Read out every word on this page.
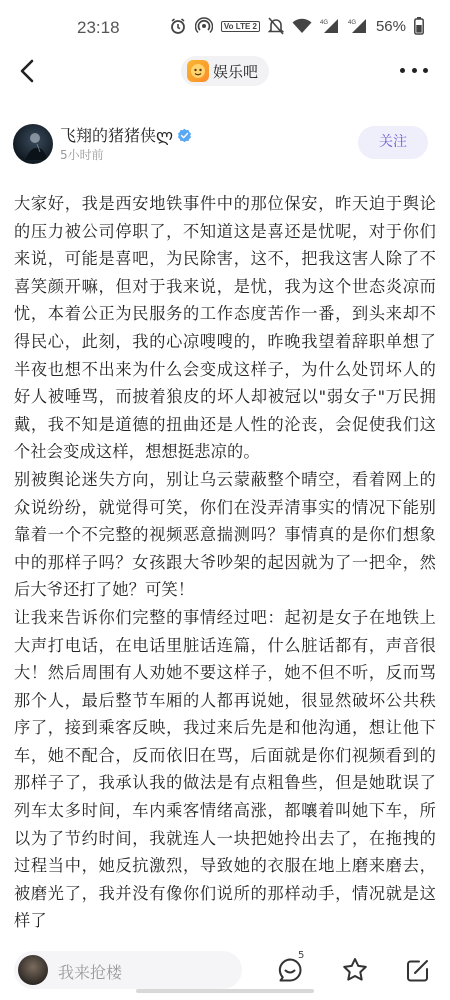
23:18	Vo LTE 2	4G	4G 56%
娱乐吧
飞翔的猪猪侠ლ
5小时前
关注

大家好，我是西安地铁事件中的那位保安，昨天迫于舆论的压力被公司停职了，不知道这是喜还是忧呢，对于你们来说，可能是喜吧，为民除害，这不，把我这害人除了不喜笑颜开嘛，但对于我来说，是忧，我为这个世态炎凉而忧，本着公正为民服务的工作态度苦作一番，到头来却不得民心，此刻，我的心凉嗖嗖的，昨晚我望着辞职单想了半夜也想不出来为什么会变成这样子，为什么处罚坏人的好人被唾骂，而披着狼皮的坏人却被冠以"弱女子"万民拥戴，我不知是道德的扭曲还是人性的沦丧，会促使我们这个社会变成这样，想想挺悲凉的。

别被舆论迷失方向，别让乌云蒙蔽整个晴空，看着网上的众说纷纷，就觉得可笑，你们在没弄清事实的情况下能别靠着一个不完整的视频恶意揣测吗？事情真的是你们想象中的那样子吗？女孩跟大爷吵架的起因就为了一把伞，然后大爷还打了她？可笑！

让我来告诉你们完整的事情经过吧：起初是女子在地铁上大声打电话，在电话里脏话连篇，什么脏话都有，声音很大！然后周围有人劝她不要这样子，她不但不听，反而骂那个人，最后整节车厢的人都再说她，很显然破坏公共秩序了，接到乘客反映，我过来后先是和他沟通，想让他下车，她不配合，反而依旧在骂，后面就是你们视频看到的那样子了，我承认我的做法是有点粗鲁些，但是她耽误了列车太多时间，车内乘客情绪高涨，都嚷着叫她下车，所以为了节约时间，我就连人一块把她拎出去了，在拖拽的过程当中，她反抗激烈，导致她的衣服在地上磨来磨去，被磨光了，我并没有像你们说所的那样动手，情况就是这样了

我来抢楼
5
